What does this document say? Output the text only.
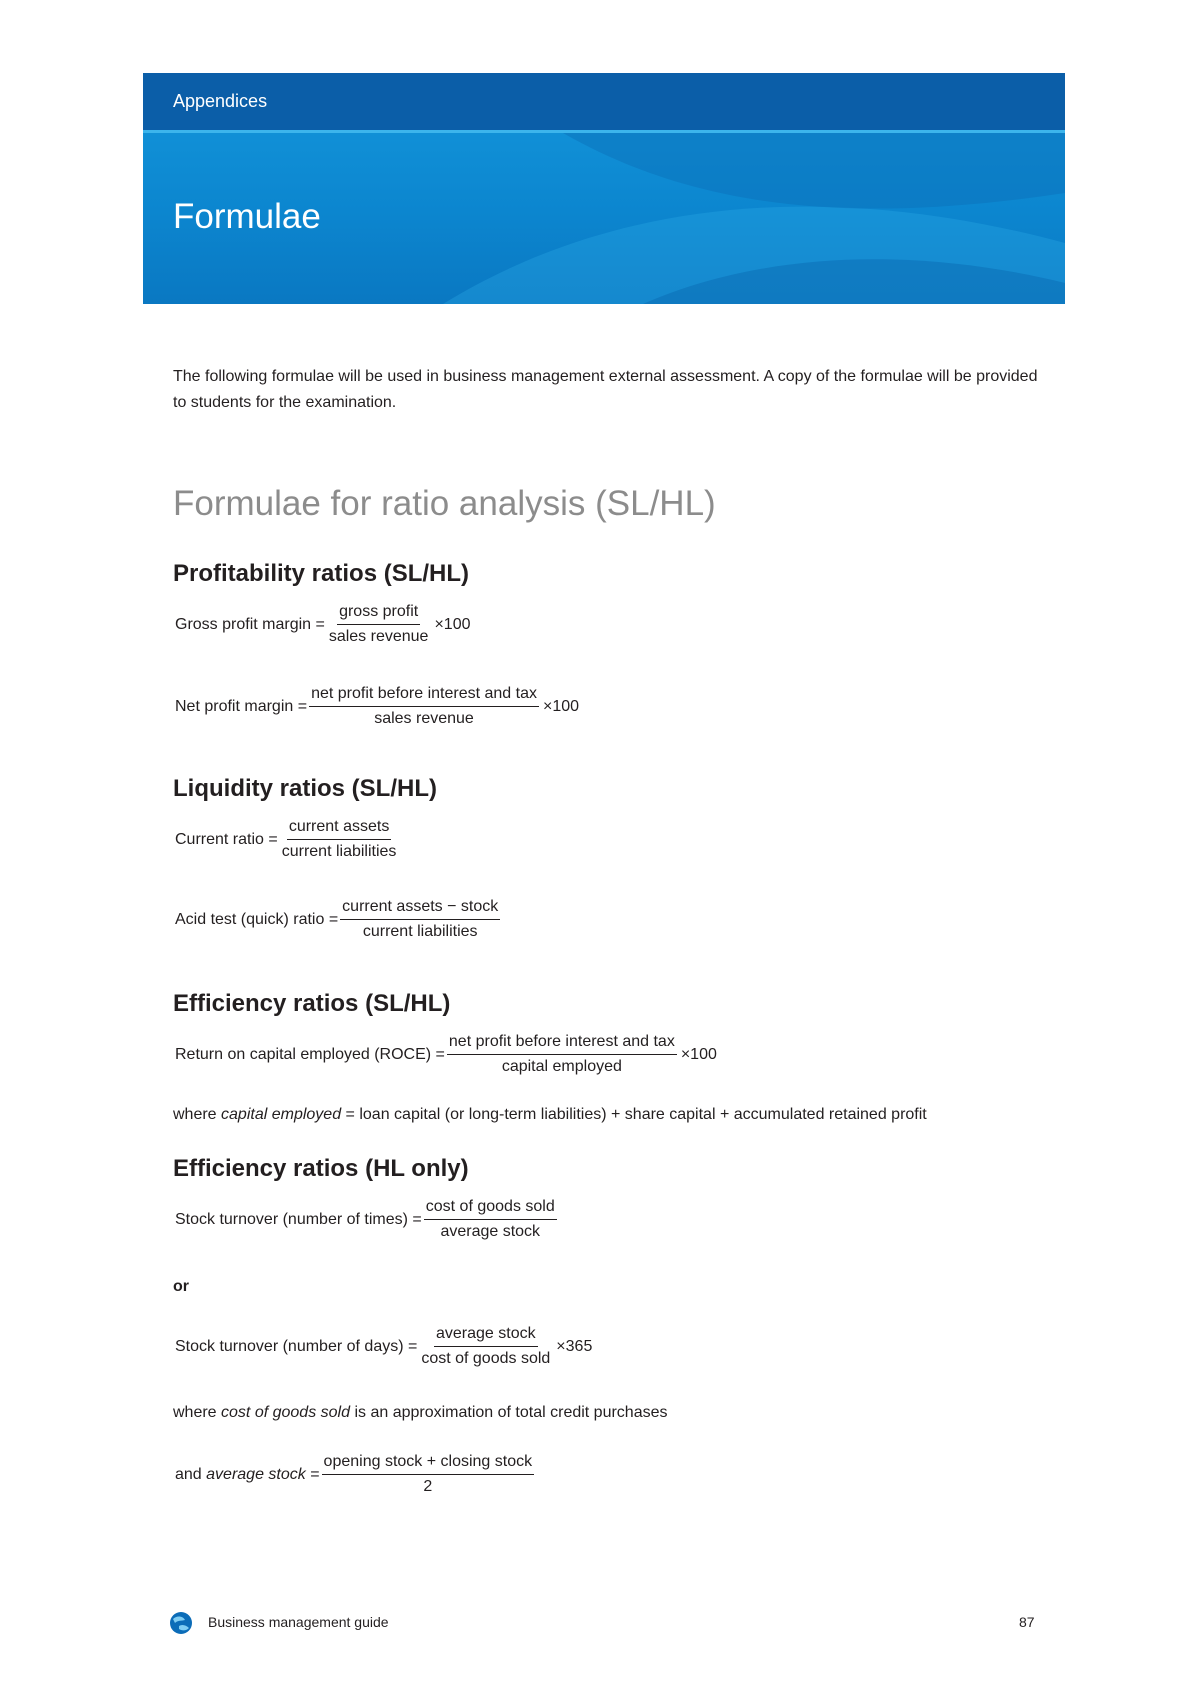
Appendices
Formulae
The following formulae will be used in business management external assessment. A copy of the formulae will be provided to students for the examination.
Formulae for ratio analysis (SL/HL)
Profitability ratios (SL/HL)
Gross profit margin = $\frac{\text{gross profit}}{\text{sales revenue}} \times 100$
Net profit margin = $\frac{\text{net profit before interest and tax}}{\text{sales revenue}} \times 100$
Liquidity ratios (SL/HL)
Current ratio = $\frac{\text{current assets}}{\text{current liabilities}}$
Acid test (quick) ratio = $\frac{\text{current assets − stock}}{\text{current liabilities}}$
Efficiency ratios (SL/HL)
Return on capital employed (ROCE) = $\frac{\text{net profit before interest and tax}}{\text{capital employed}} \times 100$
where capital employed = loan capital (or long-term liabilities) + share capital + accumulated retained profit
Efficiency ratios (HL only)
Stock turnover (number of times) = $\frac{\text{cost of goods sold}}{\text{average stock}}$
or
Stock turnover (number of days) = $\frac{\text{average stock}}{\text{cost of goods sold}} \times 365$
where cost of goods sold is an approximation of total credit purchases
and average stock = $\frac{\text{opening stock + closing stock}}{2}$
Business management guide	87
